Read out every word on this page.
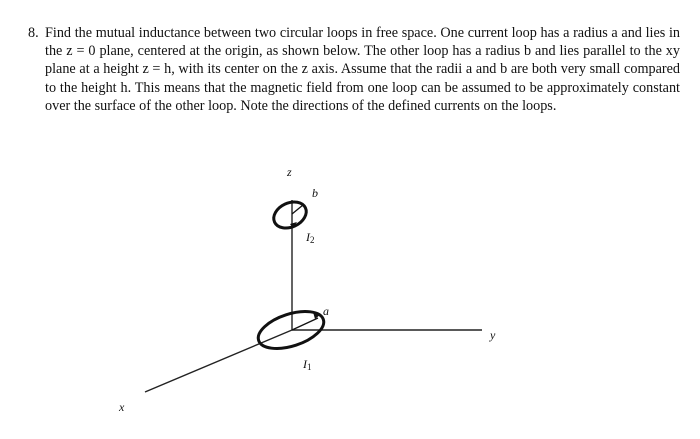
8. Find the mutual inductance between two circular loops in free space. One current loop has a radius a and lies in the z = 0 plane, centered at the origin, as shown below. The other loop has a radius b and lies parallel to the xy plane at a height z = h, with its center on the z axis. Assume that the radii a and b are both very small compared to the height h. This means that the magnetic field from one loop can be assumed to be approximately constant over the surface of the other loop. Note the directions of the defined currents on the loops.
z
b
I2
a
y
I1
x
